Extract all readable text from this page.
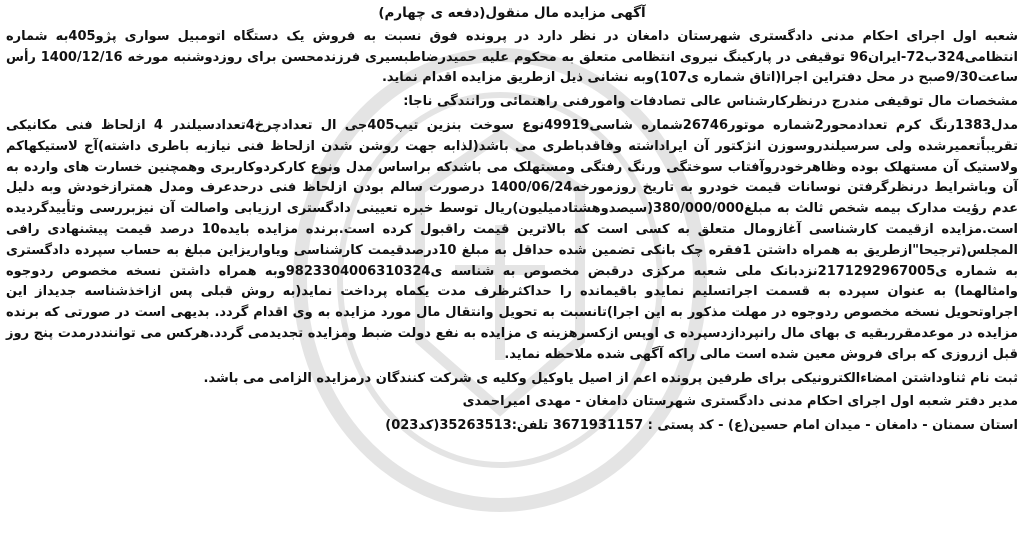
آگهی مزایده مال منقول(دفعه ی چهارم)

شعبه اول اجرای احکام مدنی دادگستری شهرستان دامغان در نظر دارد در پرونده فوق نسبت به فروش یک دستگاه اتومبیل سواری پژو405به شماره انتظامی324ب72-ایران96 توقیفی در پارکینگ نیروی انتظامی متعلق به محکوم علیه حمیدرضاطبسیری فرزندمحسن برای روزدوشنبه مورخه 1400/12/16 رأس ساعت9/30صبح در محل دفتراین اجرا(اتاق شماره ی107)وبه نشانی ذیل ازطریق مزایده اقدام نماید.

مشخصات مال توقیفی مندرج درنظرکارشناس عالی تصادفات وامورفنی راهنمائی ورانندگی ناجا:

مدل1383رنگ کرم تعدادمحور2شماره موتور26746شماره شاسی49919نوع سوخت بنزین تیپ405جی ال تعدادچرخ4تعدادسیلندر 4 ازلحاظ فنی مکانیکی تقریباًتعمیرشده ولی سرسیلندروسوزن انژکتور آن ایراداشته وفاقدباطری می باشد(لذابه جهت روشن شدن ازلحاظ فنی نیازبه باطری داشته)آج لاستیکهاکم ولاستیک آن مستهلک بوده وظاهرخودروآفتاب سوختگی ورنگ رفتگی ومستهلک می باشدکه براساس مدل ونوع کارکردوکاربری وهمچنین خسارت های وارده به آن وباشرایط درنظرگرفتن نوسانات قیمت خودرو به تاریخ روزمورخه1400/06/24 درصورت سالم بودن ازلحاظ فنی درحدعرف ومدل همترازخودش وبه دلیل عدم رؤیت مدارک بیمه شخص ثالث به مبلغ380/000/000(سیصدوهشتادمیلیون)ریال توسط خبره تعیینی دادگستری ارزیابی واصالت آن نیزبررسی وتأییدگردیده است.مزایده ازقیمت کارشناسی آغازومال متعلق به کسی است که بالاترین قیمت راقبول کرده است.برنده مزایده بایده10 درصد قیمت پیشنهادی رافی المجلس(ترجیحا"ازطریق به همراه داشتن 1فقره چک بانکی تضمین شده حداقل به مبلغ 10درصدقیمت کارشناسی ویاواریزاین مبلغ به حساب سپرده دادگستری به شماره ی2171292967005نزدبانک ملی شعبه مرکزی درقبض مخصوص به شناسه ی9823304006310324وبه همراه داشتن نسخه مخصوص ردوجوه وامثالهما) به عنوان سپرده به قسمت اجراتسلیم نمایدو باقیمانده را حداکثرظرف مدت یکماه پرداخت نماید(به روش قبلی پس ازاخذشناسه جدیداز این اجراوتحویل نسخه مخصوص ردوجوه در مهلت مذکور به این اجرا)تانسبت به تحویل وانتقال مال مورد مزایده به وی اقدام گردد. بدیهی است در صورتی که برنده مزایده در موعدمقرربقیه ی بهای مال رانپردازدسپرده ی اوپس ازکسرهزینه ی مزایده به نفع دولت ضبط ومزایده تجدیدمی گردد.هرکس می تواننددرمدت پنج روز قبل ازروزی که برای فروش معین شده است مالی راکه آگهی شده ملاحظه نماید.

ثبت نام ثناوداشتن امضاءالکترونیکی برای طرفین پرونده اعم از اصیل یاوکیل وکلیه ی شرکت کنندگان درمزایده الزامی می باشد.

مدیر دفتر شعبه اول اجرای احکام مدنی دادگستری شهرستان دامغان - مهدی امیراحمدی

استان سمنان - دامغان - میدان امام حسین(ع) - کد پستی : 3671931157 تلفن:35263513(کد023)
